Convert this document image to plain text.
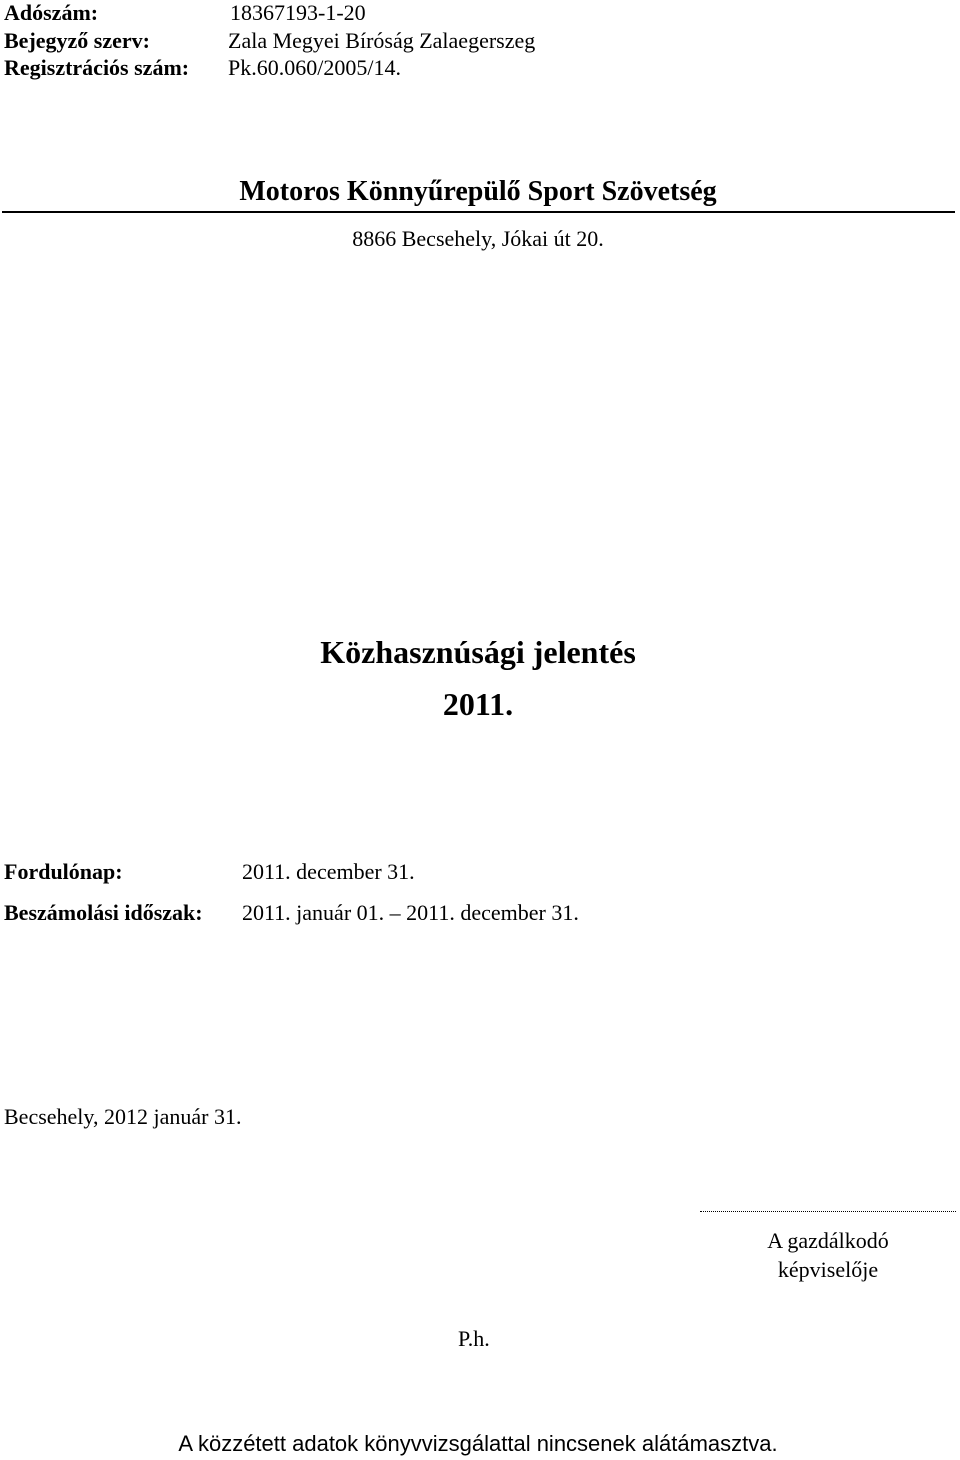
Adószám:	18367193-1-20
Bejegyző szerv:	Zala Megyei Bíróság Zalaegerszeg
Regisztrációs szám: Pk.60.060/2005/14.
Motoros Könnyűrepülő Sport Szövetség
8866 Becsehely, Jókai út 20.
Közhasznúsági jelentés
2011.
Fordulónap:	2011. december 31.
Beszámolási időszak: 2011. január 01. – 2011. december 31.
Becsehely, 2012 január 31.
A gazdálkodó
képviselője
P.h.
A közzétett adatok könyvvizsgálattal nincsenek alátámasztva.
